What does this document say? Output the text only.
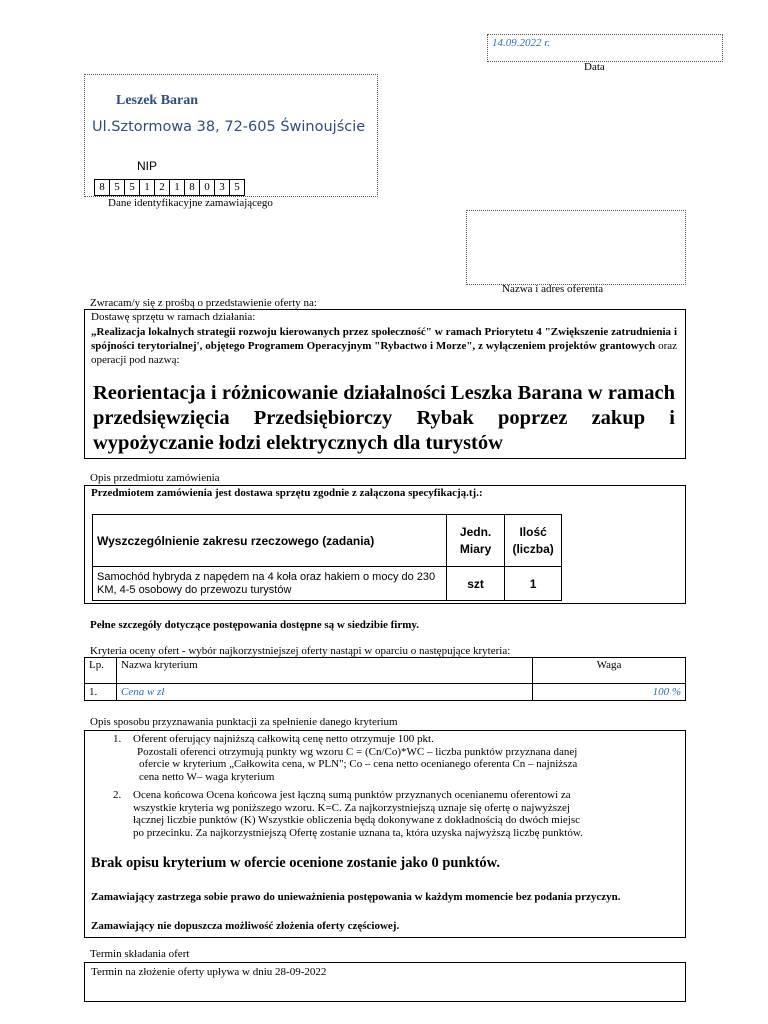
14.09.2022 r.
Data
Leszek Baran
Ul.Sztormowa 38, 72-605 Świnoujście
NIP
8 5 5 1 2 1 8 0 3 5
Dane identyfikacyjne zamawiającego
Nazwa i adres oferenta
Zwracam/y się z prośbą o przedstawienie oferty na:
Dostawę sprzętu w ramach działania:
„Realizacja lokalnych strategii rozwoju kierowanych przez społeczność" w ramach Priorytetu 4 "Zwiększenie zatrudnienia i spójności terytorialnej', objętego Programem Operacyjnym "Rybactwo i Morze", z wyłączeniem projektów grantowych oraz operacji pod nazwą:
Reorientacja i różnicowanie działalności Leszka Barana w ramach przedsięwzięcia Przedsiębiorczy Rybak poprzez zakup i wypożyczanie łodzi elektrycznych dla turystów
Opis przedmiotu zamówienia
Przedmiotem zamówienia jest dostawa sprzętu zgodnie z załączona specyfikacją.tj.:
Wyszczególnienie zakresu rzeczowego (zadania)	Jedn. Miary	Ilość (liczba)
Samochód hybryda z napędem na 4 koła oraz hakiem o mocy do 230 KM, 4-5 osobowy do przewozu turystów	szt	1
Pełne szczegóły dotyczące postępowania dostępne są w siedzibie firmy.
Kryteria oceny ofert - wybór najkorzystniejszej oferty nastąpi w oparciu o następujące kryteria:
Lp.	Nazwa kryterium	Waga
1.	Cena w zł	100 %
Opis sposobu przyznawania punktacji za spełnienie danego kryterium
1.	Oferent oferujący najniższą całkowitą cenę netto otrzymuje 100 pkt.
Pozostali oferenci otrzymują punkty wg wzoru C = (Cn/Co)*WC – liczba punktów przyznana danej ofercie w kryterium „Całkowita cena, w PLN"; Co – cena netto ocenianego oferenta Cn – najniższa cena netto W– waga kryterium
2.	Ocena końcowa Ocena końcowa jest łączną sumą punktów przyznanych ocenianemu oferentowi za wszystkie kryteria wg poniższego wzoru. K=C. Za najkorzystniejszą uznaje się ofertę o najwyższej łącznej liczbie punktów (K) Wszystkie obliczenia będą dokonywane z dokładnością do dwóch miejsc po przecinku. Za najkorzystniejszą Ofertę zostanie uznana ta, która uzyska najwyższą liczbę punktów.
Brak opisu kryterium w ofercie ocenione zostanie jako 0 punktów.
Zamawiający zastrzega sobie prawo do unieważnienia postępowania w każdym momencie bez podania przyczyn.
Zamawiający nie dopuszcza możliwość złożenia oferty częściowej.
Termin składania ofert
Termin na złożenie oferty upływa w dniu 28-09-2022
